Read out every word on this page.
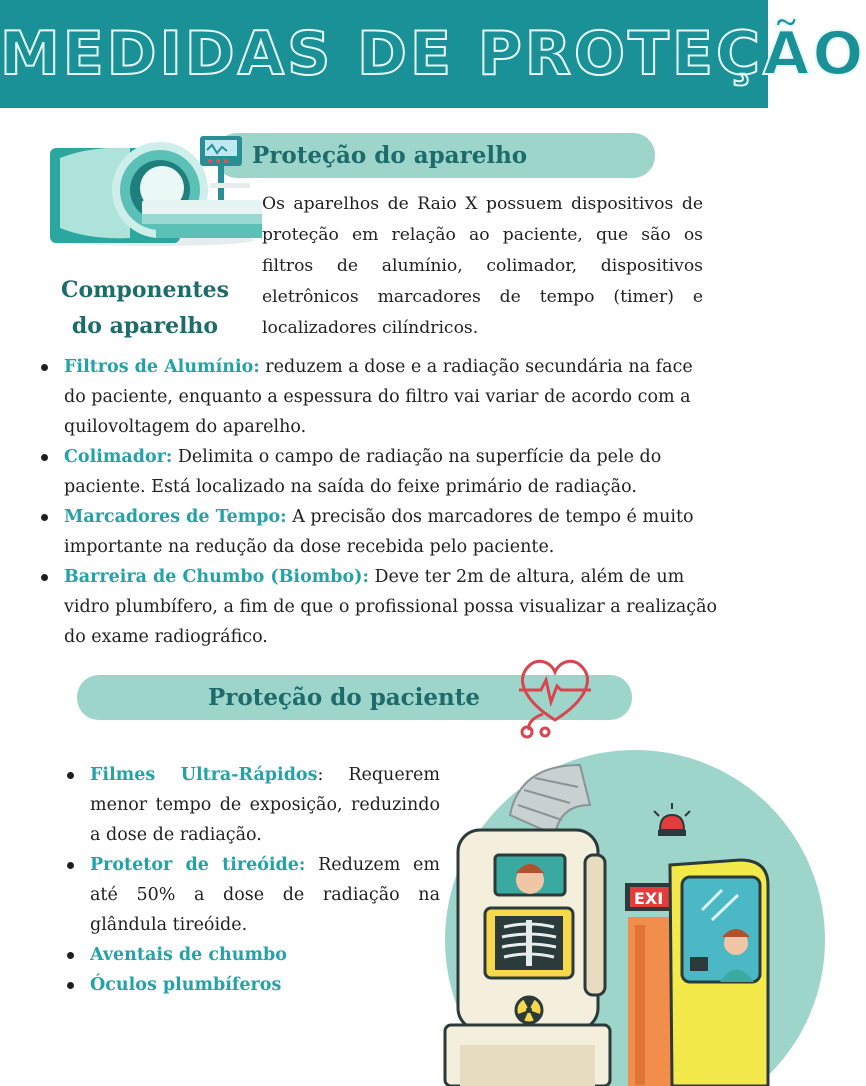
MEDIDAS DE PROTEÇÃO
Proteção do aparelho
Os aparelhos de Raio X possuem dispositivos de proteção em relação ao paciente, que são os filtros de alumínio, colimador, dispositivos eletrônicos marcadores de tempo (timer) e localizadores cilíndricos.
Componentes do aparelho
Filtros de Alumínio: reduzem a dose e a radiação secundária na face do paciente, enquanto a espessura do filtro vai variar de acordo com a quilovoltagem do aparelho.
Colimador: Delimita o campo de radiação na superfície da pele do paciente. Está localizado na saída do feixe primário de radiação.
Marcadores de Tempo: A precisão dos marcadores de tempo é muito importante na redução da dose recebida pelo paciente.
Barreira de Chumbo (Biombo): Deve ter 2m de altura, além de um vidro plumbífero, a fim de que o profissional possa visualizar a realização do exame radiográfico.
Proteção do paciente
Filmes Ultra-Rápidos: Requerem menor tempo de exposição, reduzindo a dose de radiação.
Protetor de tireóide: Reduzem em até 50% a dose de radiação na glândula tireóide.
Aventais de chumbo
Óculos plumbíferos
EXI
